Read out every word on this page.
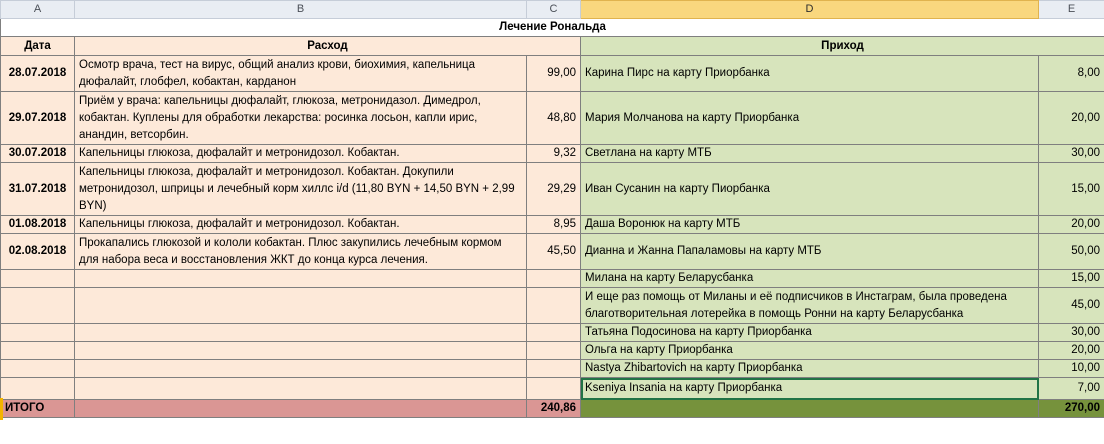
A	B	C	D	E
Лечение Рональда				
Дата	Расход		Приход	
28.07.2018	Осмотр врача, тест на вирус, общий анализ крови, биохимия, капельница дюфалайт, глобфел, кобактан, карданон	99,00	Карина Пирс на карту Приорбанка	8,00
29.07.2018	Приём у врача: капельницы дюфалайт, глюкоза, метронидазол. Димедрол, кобактан. Куплены для обработки лекарства: росинка лосьон, капли ирис, анандин, ветсорбин.	48,80	Мария Молчанова на карту Приорбанка	20,00
30.07.2018	Капельницы глюкоза, дюфалайт и метронидозол. Кобактан.	9,32	Светлана на карту МТБ	30,00
31.07.2018	Капельницы глюкоза, дюфалайт и метронидозол. Кобактан. Докупили метронидозол, шприцы и лечебный корм хиллс i/d (11,80 BYN + 14,50 BYN + 2,99 BYN)	29,29	Иван Сусанин на карту Пиорбанка	15,00
01.08.2018	Капельницы глюкоза, дюфалайт и метронидозол. Кобактан.	8,95	Даша Воронюк на карту МТБ	20,00
02.08.2018	Прокапались глюкозой и кололи кобактан. Плюс закупились лечебным кормом для набора веса и восстановления ЖКТ до конца курса лечения.	45,50	Дианна и Жанна Папаламовы на карту МТБ	50,00
			Милана на карту Беларусбанка	15,00
			И еще раз помощь от Миланы и её подписчиков в Инстаграм, была проведена благотворительная лотерейка в помощь Ронни на карту Беларусбанка	45,00
			Татьяна Подосинова на карту Приорбанка	30,00
			Ольга на карту Приорбанка	20,00
			Nastya Zhibartovich на карту Приорбанка	10,00
			Kseniya Insania на карту Приорбанка	7,00
ИТОГО		240,86		270,00
